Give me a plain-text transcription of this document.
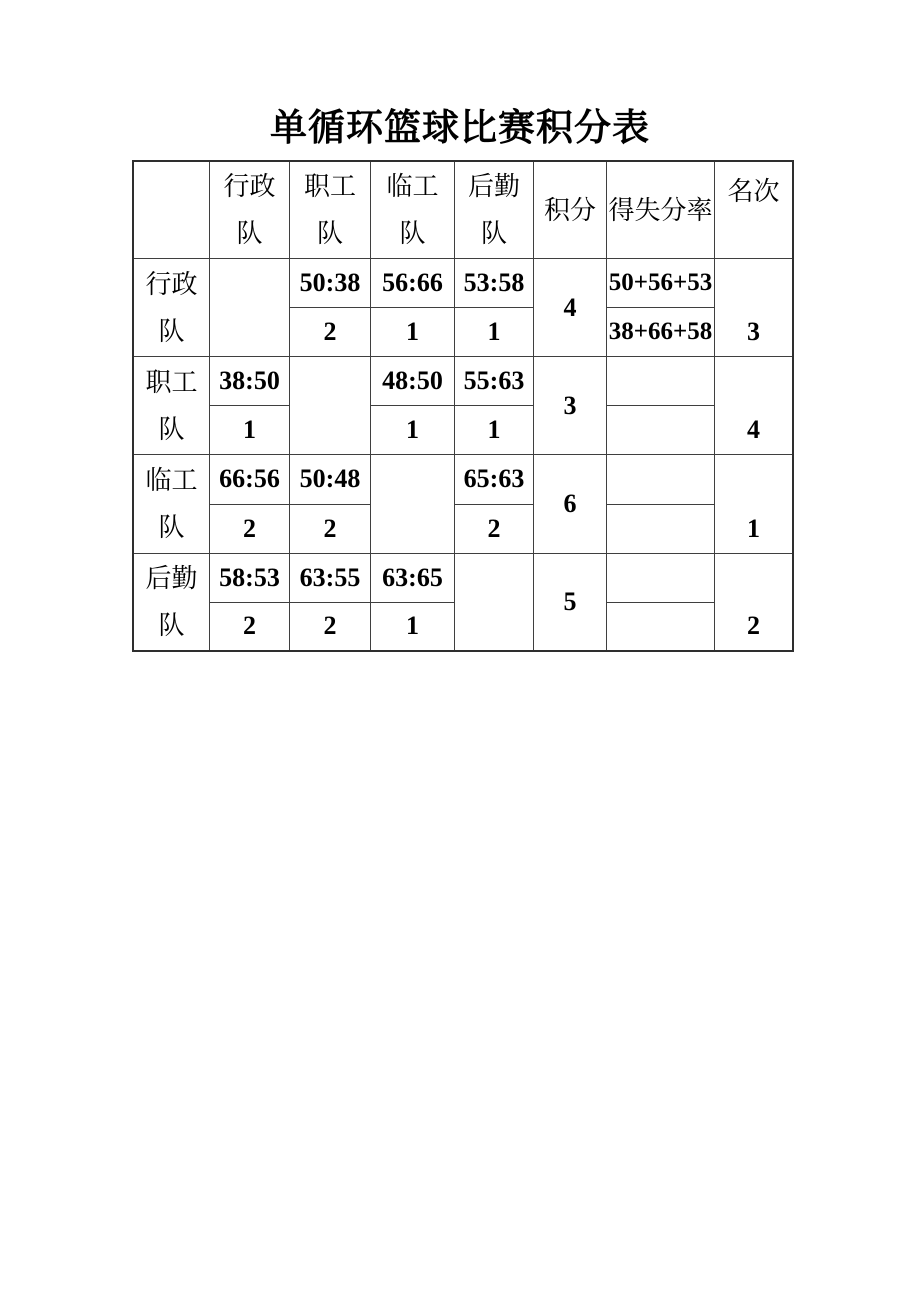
单循环篮球比赛积分表
行政
队
职工
队
临工
队
后勤
队
积分 得失分率
名次
行政
队
50:38
2
56:66
1
53:58
1
4
50+56+53
38+66+58	3
职工
队
38:50
1
48:50
1
55:63
1
3
4
临工
队
66:56
2
50:48
2
65:63
2
6
1
后勤
队
58:53
2
63:55
2
63:65
1
5
2
